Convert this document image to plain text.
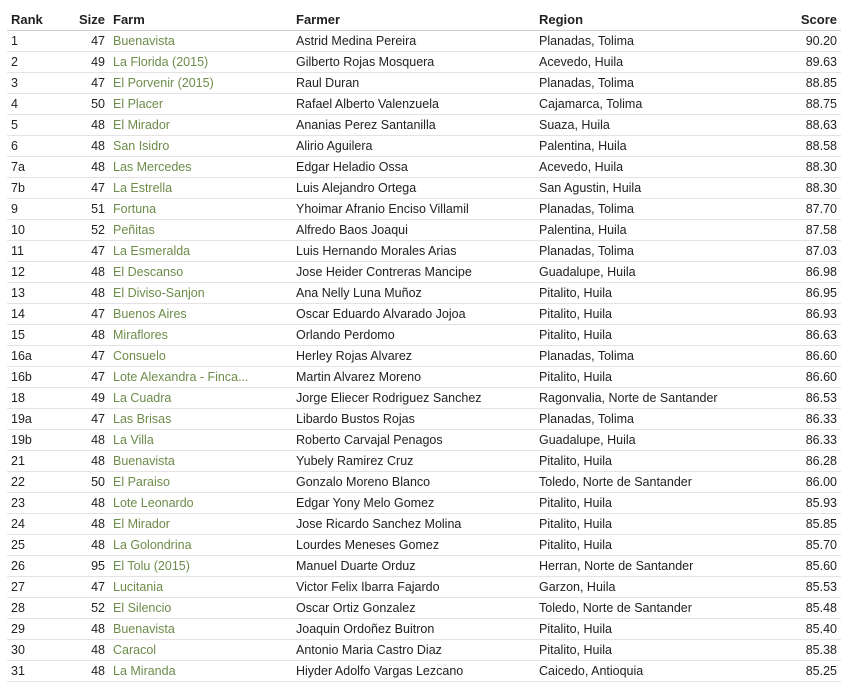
Rank	Size	Farm	Farmer	Region	Score
1	47	Buenavista	Astrid Medina Pereira	Planadas, Tolima	90.20
2	49	La Florida (2015)	Gilberto Rojas Mosquera	Acevedo, Huila	89.63
3	47	El Porvenir (2015)	Raul Duran	Planadas, Tolima	88.85
4	50	El Placer	Rafael Alberto Valenzuela	Cajamarca, Tolima	88.75
5	48	El Mirador	Ananias Perez Santanilla	Suaza, Huila	88.63
6	48	San Isidro	Alirio Aguilera	Palentina, Huila	88.58
7a	48	Las Mercedes	Edgar Heladio Ossa	Acevedo, Huila	88.30
7b	47	La Estrella	Luis Alejandro Ortega	San Agustin, Huila	88.30
9	51	Fortuna	Yhoimar Afranio Enciso Villamil	Planadas, Tolima	87.70
10	52	Peñitas	Alfredo Baos Joaqui	Palentina, Huila	87.58
11	47	La Esmeralda	Luis Hernando Morales Arias	Planadas, Tolima	87.03
12	48	El Descanso	Jose Heider Contreras Mancipe	Guadalupe, Huila	86.98
13	48	El Diviso-Sanjon	Ana Nelly Luna Muñoz	Pitalito, Huila	86.95
14	47	Buenos Aires	Oscar Eduardo Alvarado Jojoa	Pitalito, Huila	86.93
15	48	Miraflores	Orlando Perdomo	Pitalito, Huila	86.63
16a	47	Consuelo	Herley Rojas Alvarez	Planadas, Tolima	86.60
16b	47	Lote Alexandra - Finca...	Martin Alvarez Moreno	Pitalito, Huila	86.60
18	49	La Cuadra	Jorge Eliecer Rodriguez Sanchez	Ragonvalia, Norte de Santander	86.53
19a	47	Las Brisas	Libardo Bustos Rojas	Planadas, Tolima	86.33
19b	48	La Villa	Roberto Carvajal Penagos	Guadalupe, Huila	86.33
21	48	Buenavista	Yubely Ramirez Cruz	Pitalito, Huila	86.28
22	50	El Paraiso	Gonzalo Moreno Blanco	Toledo, Norte de Santander	86.00
23	48	Lote Leonardo	Edgar Yony Melo Gomez	Pitalito, Huila	85.93
24	48	El Mirador	Jose Ricardo Sanchez Molina	Pitalito, Huila	85.85
25	48	La Golondrina	Lourdes Meneses Gomez	Pitalito, Huila	85.70
26	95	El Tolu (2015)	Manuel Duarte Orduz	Herran, Norte de Santander	85.60
27	47	Lucitania	Victor Felix Ibarra Fajardo	Garzon, Huila	85.53
28	52	El Silencio	Oscar Ortiz Gonzalez	Toledo, Norte de Santander	85.48
29	48	Buenavista	Joaquin Ordoñez Buitron	Pitalito, Huila	85.40
30	48	Caracol	Antonio Maria Castro Diaz	Pitalito, Huila	85.38
31	48	La Miranda	Hiyder Adolfo Vargas Lezcano	Caicedo, Antioquia	85.25
